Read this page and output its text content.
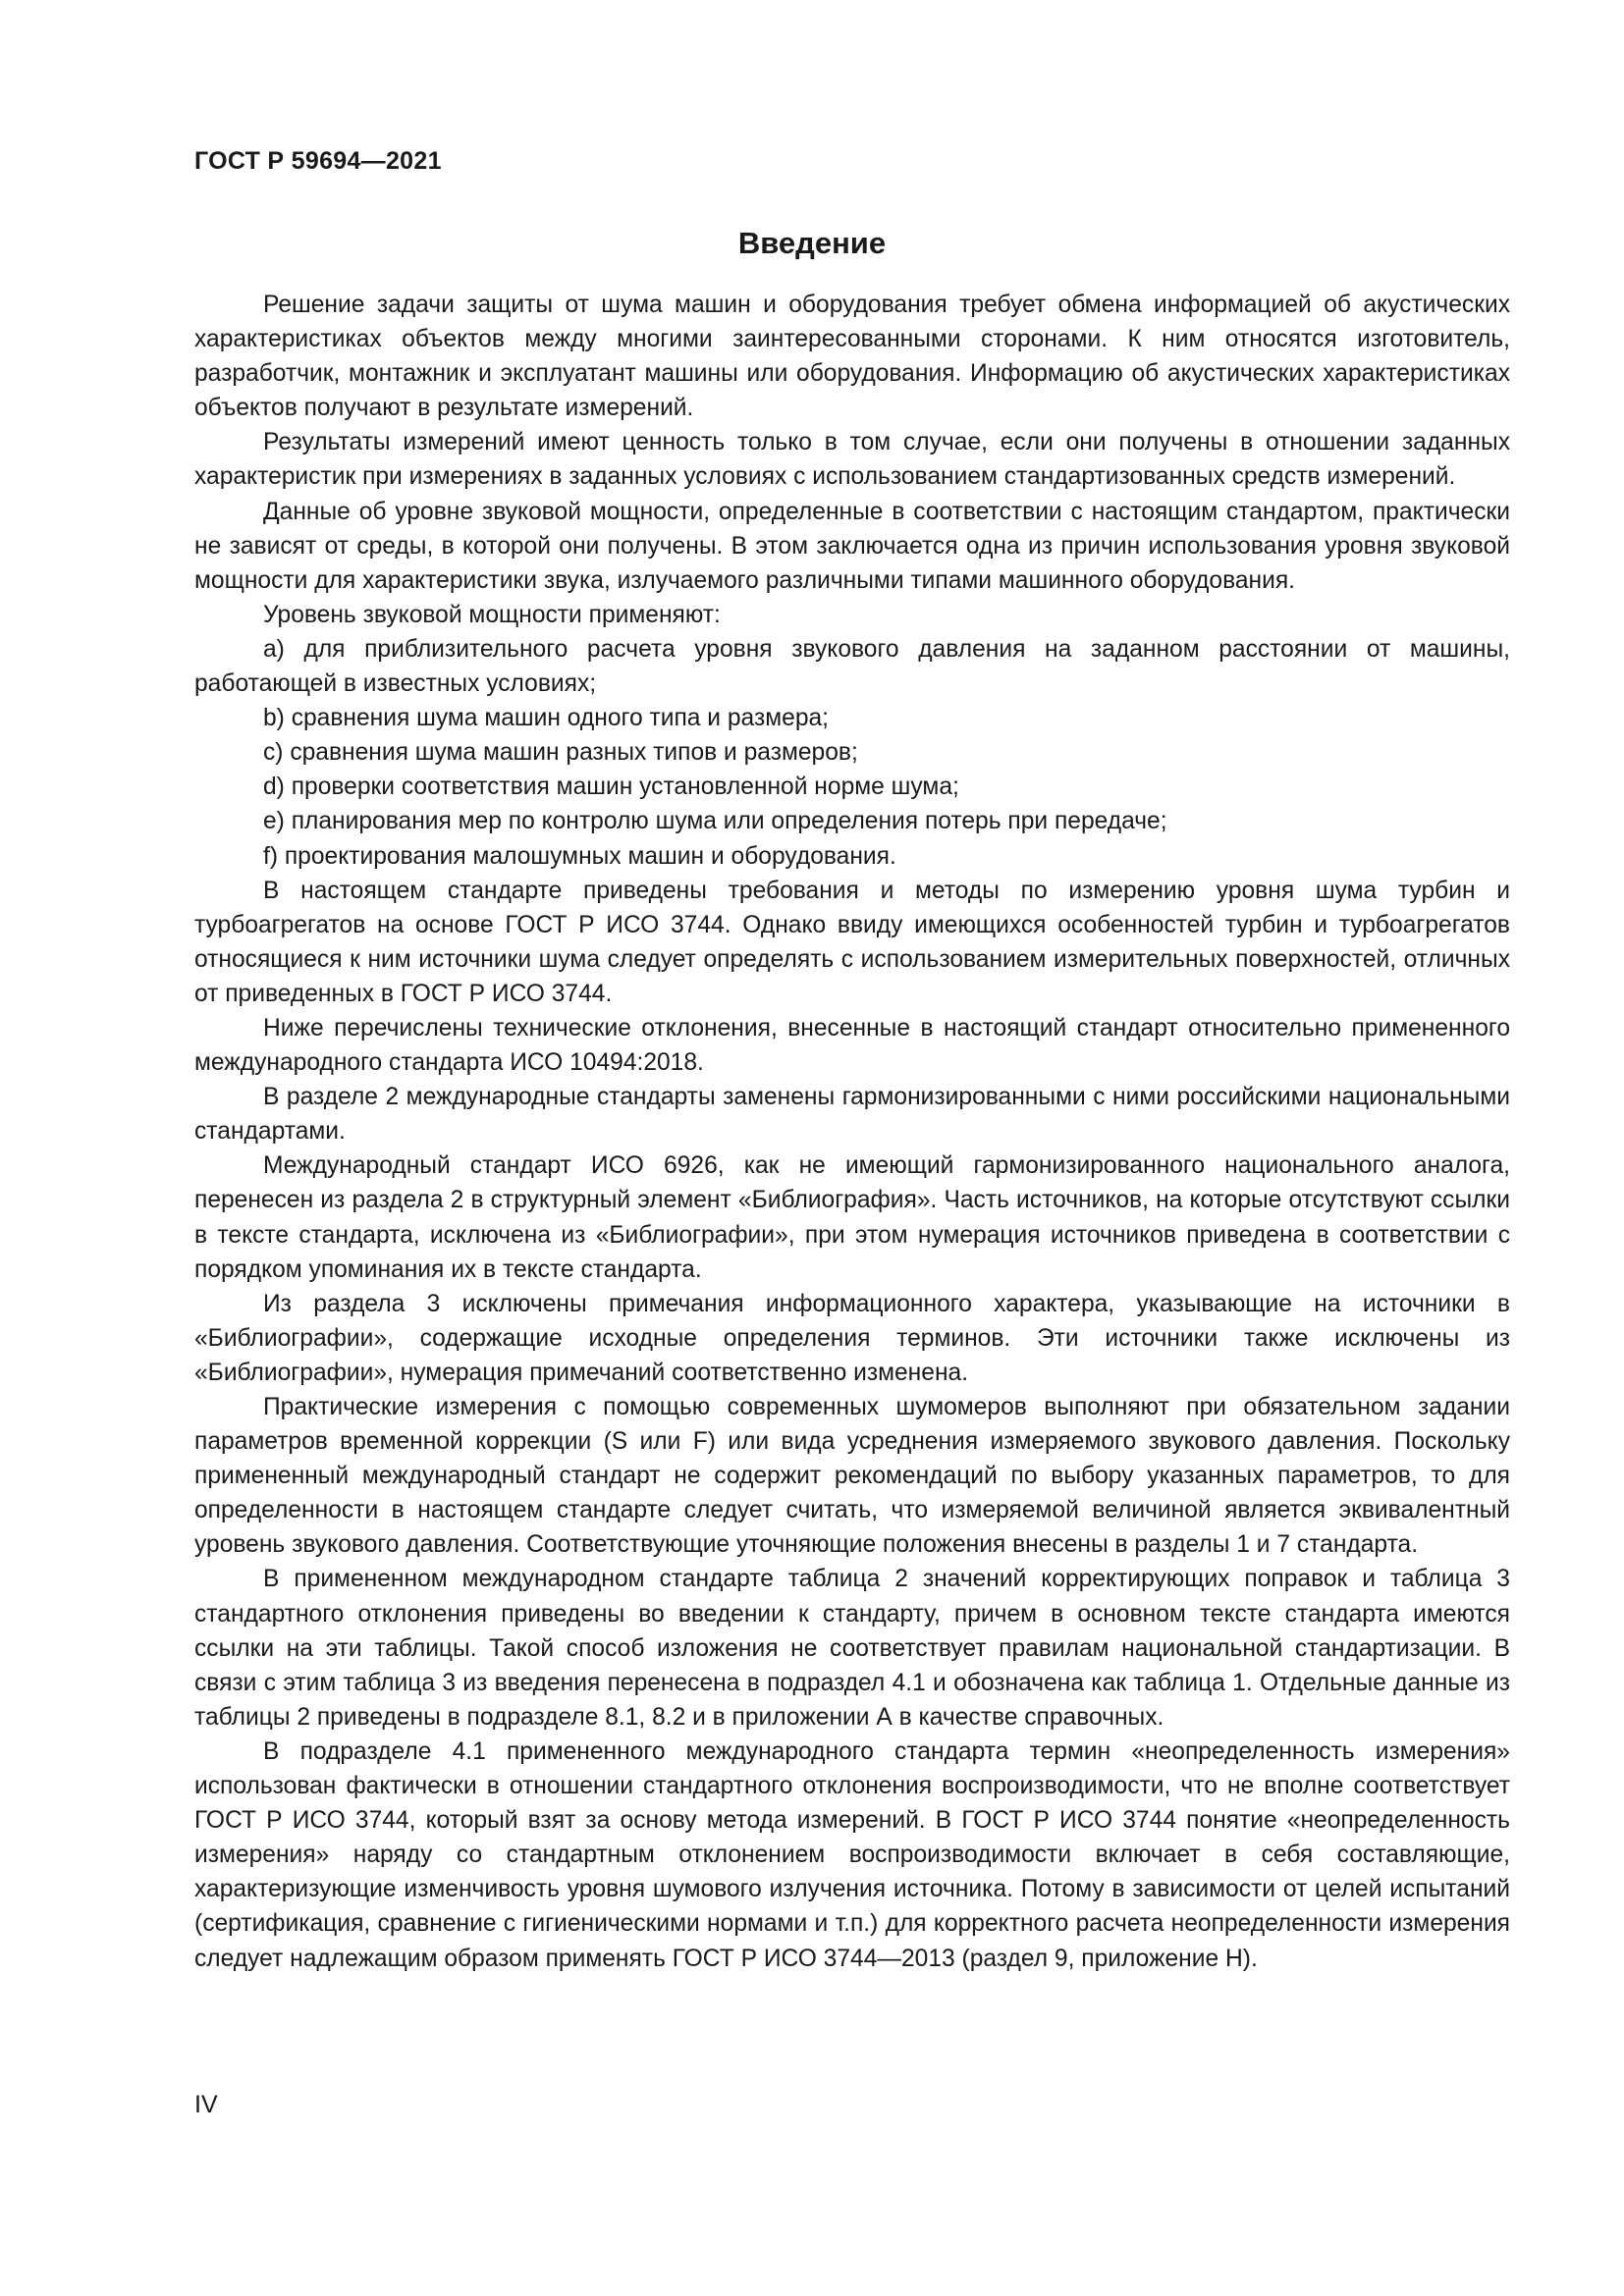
ГОСТ Р 59694—2021
Введение

Решение задачи защиты от шума машин и оборудования требует обмена информацией об акустических характеристиках объектов между многими заинтересованными сторонами. К ним относятся изготовитель, разработчик, монтажник и эксплуатант машины или оборудования. Информацию об акустических характеристиках объектов получают в результате измерений.

Результаты измерений имеют ценность только в том случае, если они получены в отношении заданных характеристик при измерениях в заданных условиях с использованием стандартизованных средств измерений.

Данные об уровне звуковой мощности, определенные в соответствии с настоящим стандартом, практически не зависят от среды, в которой они получены. В этом заключается одна из причин использования уровня звуковой мощности для характеристики звука, излучаемого различными типами машинного оборудования.

Уровень звуковой мощности применяют:

a) для приблизительного расчета уровня звукового давления на заданном расстоянии от машины, работающей в известных условиях;

b) сравнения шума машин одного типа и размера;

c) сравнения шума машин разных типов и размеров;

d) проверки соответствия машин установленной норме шума;

e) планирования мер по контролю шума или определения потерь при передаче;

f) проектирования малошумных машин и оборудования.

В настоящем стандарте приведены требования и методы по измерению уровня шума турбин и турбоагрегатов на основе ГОСТ Р ИСО 3744. Однако ввиду имеющихся особенностей турбин и турбоагрегатов относящиеся к ним источники шума следует определять с использованием измерительных поверхностей, отличных от приведенных в ГОСТ Р ИСО 3744.

Ниже перечислены технические отклонения, внесенные в настоящий стандарт относительно примененного международного стандарта ИСО 10494:2018.

В разделе 2 международные стандарты заменены гармонизированными с ними российскими национальными стандартами.

Международный стандарт ИСО 6926, как не имеющий гармонизированного национального аналога, перенесен из раздела 2 в структурный элемент «Библиография». Часть источников, на которые отсутствуют ссылки в тексте стандарта, исключена из «Библиографии», при этом нумерация источников приведена в соответствии с порядком упоминания их в тексте стандарта.

Из раздела 3 исключены примечания информационного характера, указывающие на источники в «Библиографии», содержащие исходные определения терминов. Эти источники также исключены из «Библиографии», нумерация примечаний соответственно изменена.

Практические измерения с помощью современных шумомеров выполняют при обязательном задании параметров временной коррекции (S или F) или вида усреднения измеряемого звукового давления. Поскольку примененный международный стандарт не содержит рекомендаций по выбору указанных параметров, то для определенности в настоящем стандарте следует считать, что измеряемой величиной является эквивалентный уровень звукового давления. Соответствующие уточняющие положения внесены в разделы 1 и 7 стандарта.

В примененном международном стандарте таблица 2 значений корректирующих поправок и таблица 3 стандартного отклонения приведены во введении к стандарту, причем в основном тексте стандарта имеются ссылки на эти таблицы. Такой способ изложения не соответствует правилам национальной стандартизации. В связи с этим таблица 3 из введения перенесена в подраздел 4.1 и обозначена как таблица 1. Отдельные данные из таблицы 2 приведены в подразделе 8.1, 8.2 и в приложении А в качестве справочных.

В подразделе 4.1 примененного международного стандарта термин «неопределенность измерения» использован фактически в отношении стандартного отклонения воспроизводимости, что не вполне соответствует ГОСТ Р ИСО 3744, который взят за основу метода измерений. В ГОСТ Р ИСО 3744 понятие «неопределенность измерения» наряду со стандартным отклонением воспроизводимости включает в себя составляющие, характеризующие изменчивость уровня шумового излучения источника. Потому в зависимости от целей испытаний (сертификация, сравнение с гигиеническими нормами и т.п.) для корректного расчета неопределенности измерения следует надлежащим образом применять ГОСТ Р ИСО 3744—2013 (раздел 9, приложение Н).

IV
